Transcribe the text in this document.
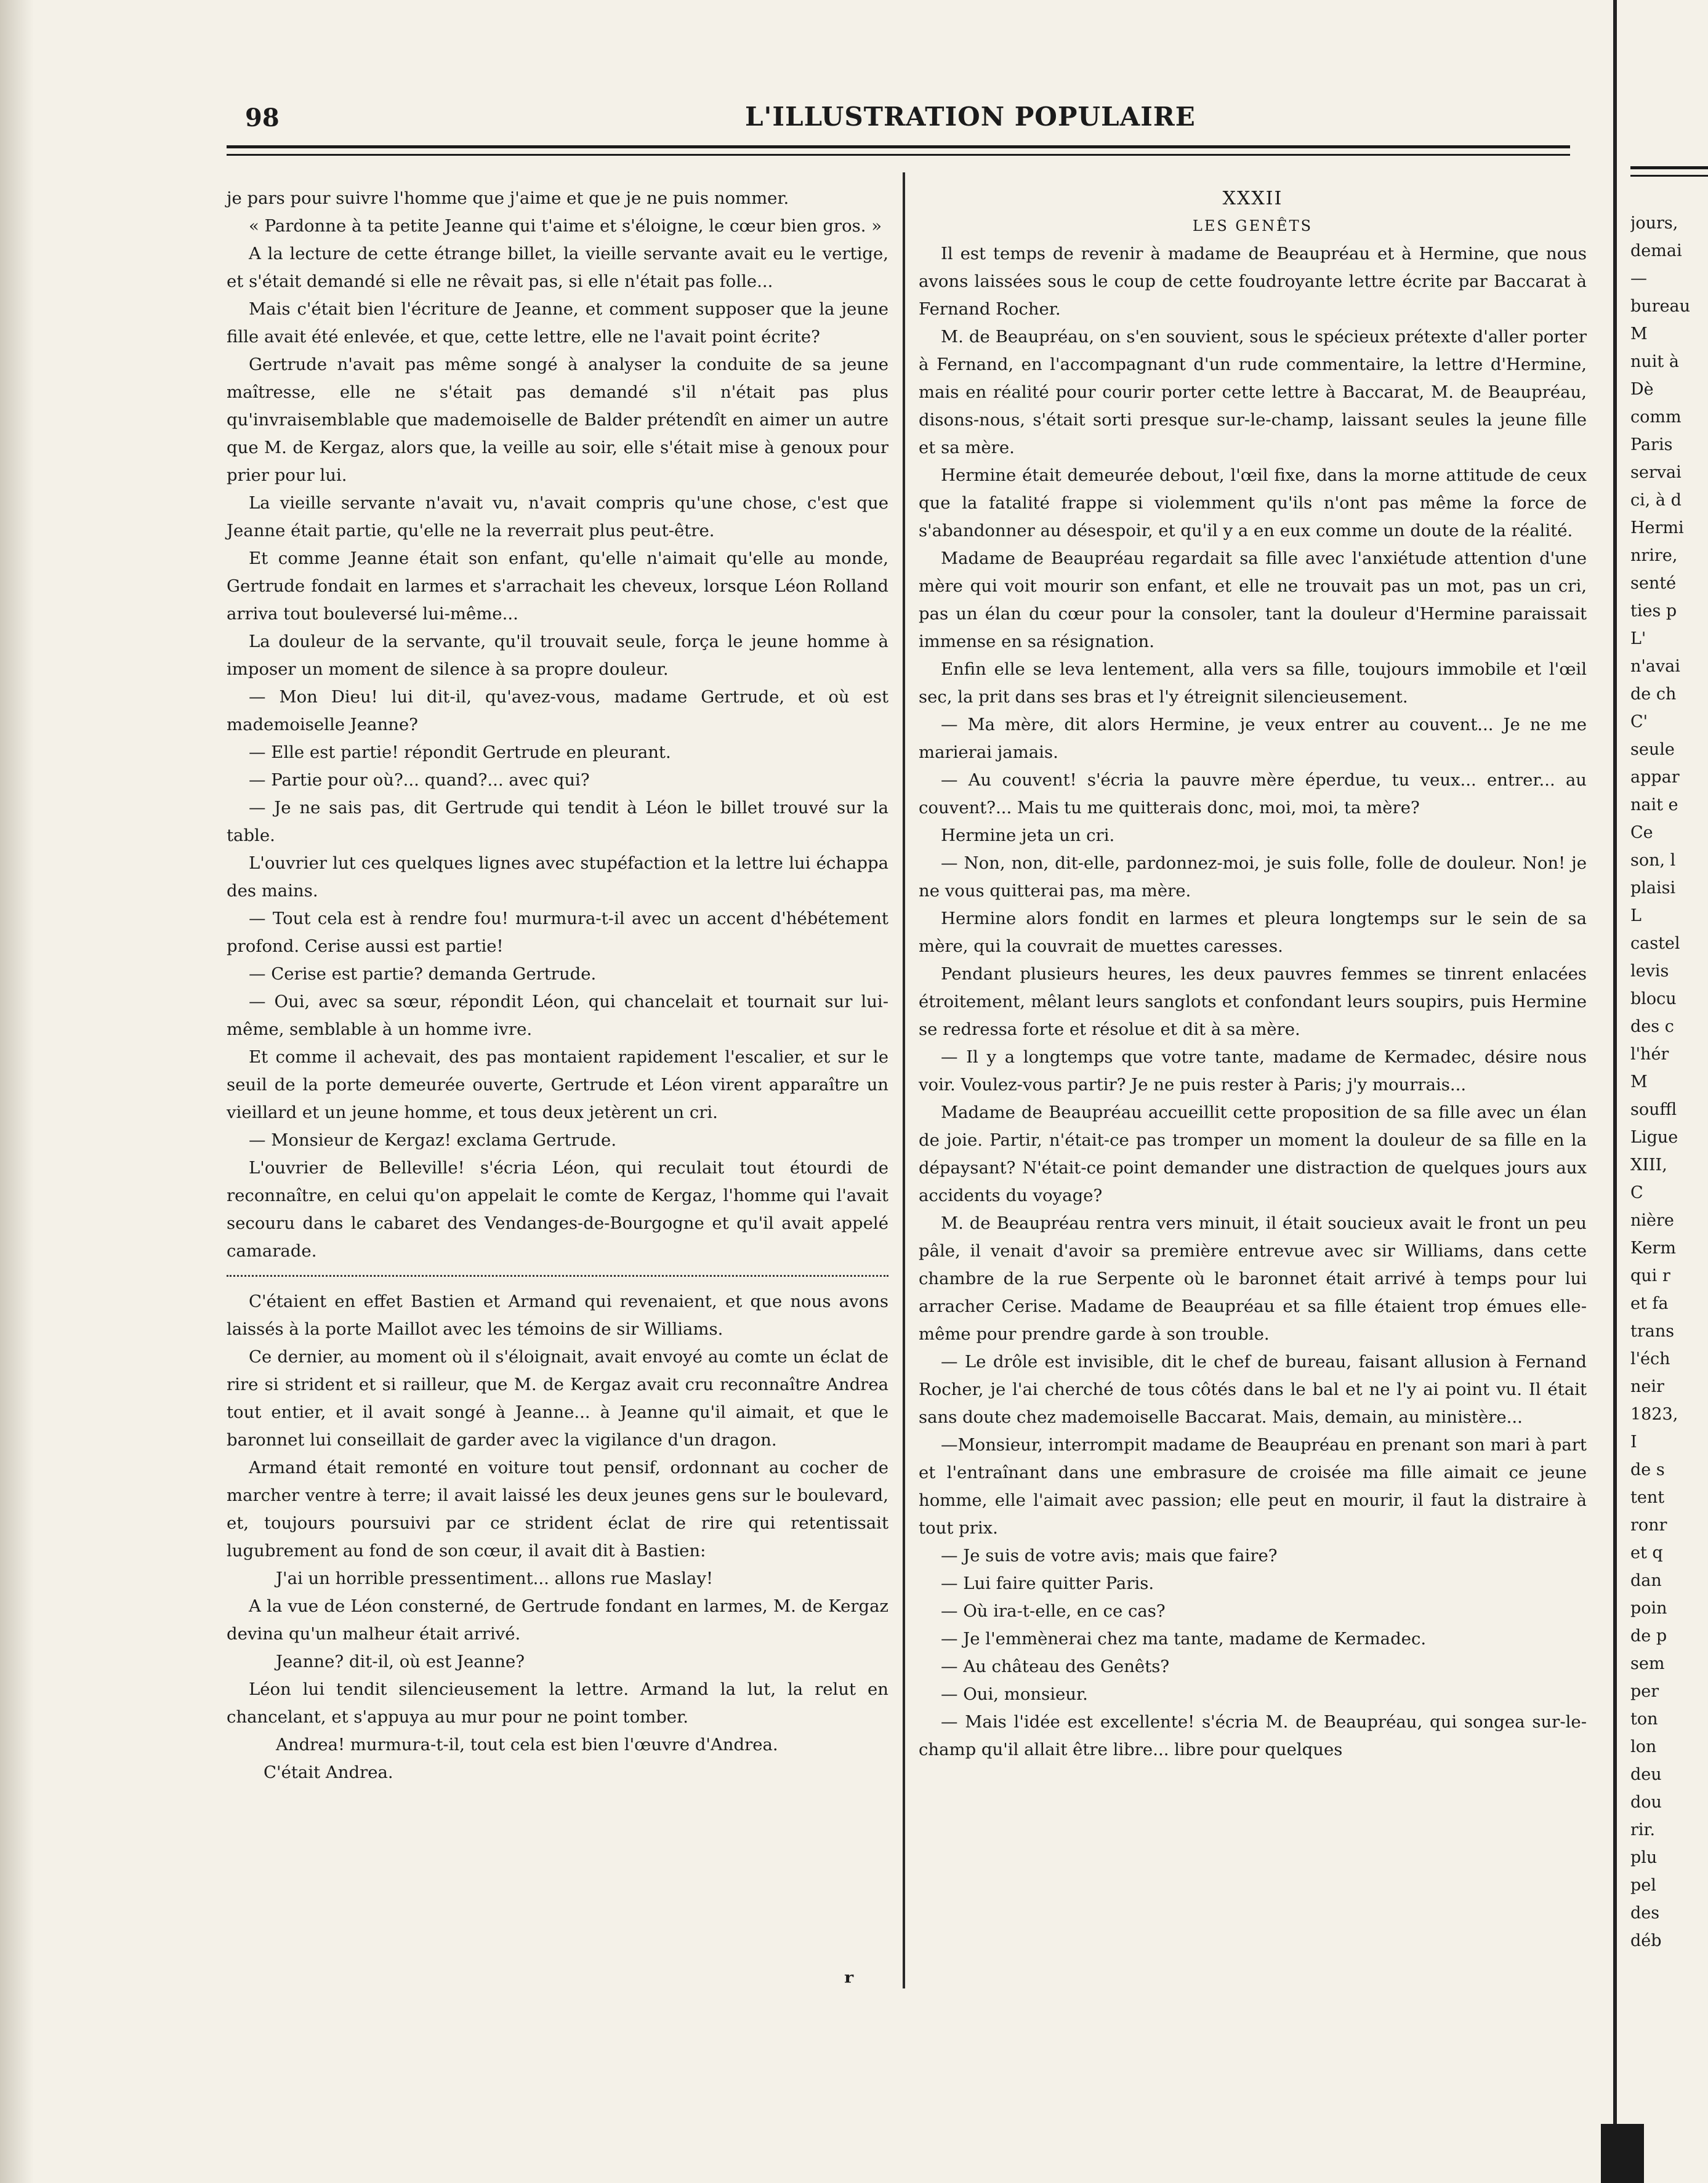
98	L'ILLUSTRATION POPULAIRE

je pars pour suivre l'homme que j'aime et que je ne puis nommer.

« Pardonne à ta petite Jeanne qui t'aime et s'éloigne, le cœur bien gros. »

A la lecture de cette étrange billet, la vieille servante avait eu le vertige, et s'était demandé si elle ne rêvait pas, si elle n'était pas folle...

Mais c'était bien l'écriture de Jeanne, et comment supposer que la jeune fille avait été enlevée, et que, cette lettre, elle ne l'avait point écrite?

Gertrude n'avait pas même songé à analyser la conduite de sa jeune maîtresse, elle ne s'était pas demandé s'il n'était pas plus qu'invraisemblable que mademoiselle de Balder prétendît en aimer un autre que M. de Kergaz, alors que, la veille au soir, elle s'était mise à genoux pour prier pour lui.

La vieille servante n'avait vu, n'avait compris qu'une chose, c'est que Jeanne était partie, qu'elle ne la reverrait plus peut-être.

Et comme Jeanne était son enfant, qu'elle n'aimait qu'elle au monde, Gertrude fondait en larmes et s'arrachait les cheveux, lorsque Léon Rolland arriva tout bouleversé lui-même...

La douleur de la servante, qu'il trouvait seule, força le jeune homme à imposer un moment de silence à sa propre douleur.

— Mon Dieu! lui dit-il, qu'avez-vous, madame Gertrude, et où est mademoiselle Jeanne?

— Elle est partie! répondit Gertrude en pleurant.

— Partie pour où?... quand?... avec qui?

— Je ne sais pas, dit Gertrude qui tendit à Léon le billet trouvé sur la table.

L'ouvrier lut ces quelques lignes avec stupéfaction et la lettre lui échappa des mains.

— Tout cela est à rendre fou! murmura-t-il avec un accent d'hébétement profond. Cerise aussi est partie!

— Cerise est partie? demanda Gertrude.

— Oui, avec sa sœur, répondit Léon, qui chancelait et tournait sur lui-même, semblable à un homme ivre.

Et comme il achevait, des pas montaient rapidement l'escalier, et sur le seuil de la porte demeurée ouverte, Gertrude et Léon virent apparaître un vieillard et un jeune homme, et tous deux jetèrent un cri.

— Monsieur de Kergaz! exclama Gertrude.

L'ouvrier de Belleville! s'écria Léon, qui reculait tout étourdi de reconnaître, en celui qu'on appelait le comte de Kergaz, l'homme qui l'avait secouru dans le cabaret des Vendanges-de-Bourgogne et qu'il avait appelé camarade.

C'étaient en effet Bastien et Armand qui revenaient, et que nous avons laissés à la porte Maillot avec les témoins de sir Williams.

Ce dernier, au moment où il s'éloignait, avait envoyé au comte un éclat de rire si strident et si railleur, que M. de Kergaz avait cru reconnaître Andrea tout entier, et il avait songé à Jeanne... à Jeanne qu'il aimait, et que le baronnet lui conseillait de garder avec la vigilance d'un dragon.

Armand était remonté en voiture tout pensif, ordonnant au cocher de marcher ventre à terre; il avait laissé les deux jeunes gens sur le boulevard, et, toujours poursuivi par ce strident éclat de rire qui retentissait lugubrement au fond de son cœur, il avait dit à Bastien:

J'ai un horrible pressentiment... allons rue Maslay!

A la vue de Léon consterné, de Gertrude fondant en larmes, M. de Kergaz devina qu'un malheur était arrivé.

Jeanne? dit-il, où est Jeanne?

Léon lui tendit silencieusement la lettre. Armand la lut, la relut en chancelant, et s'appuya au mur pour ne point tomber.

Andrea! murmura-t-il, tout cela est bien l'œuvre d'Andrea.

C'était Andrea.

XXXII

LES GENÊTS

Il est temps de revenir à madame de Beaupréau et à Hermine, que nous avons laissées sous le coup de cette foudroyante lettre écrite par Baccarat à Fernand Rocher.

M. de Beaupréau, on s'en souvient, sous le spécieux prétexte d'aller porter à Fernand, en l'accompagnant d'un rude commentaire, la lettre d'Hermine, mais en réalité pour courir porter cette lettre à Baccarat, M. de Beaupréau, disons-nous, s'était sorti presque sur-le-champ, laissant seules la jeune fille et sa mère.

Hermine était demeurée debout, l'œil fixe, dans la morne attitude de ceux que la fatalité frappe si violemment qu'ils n'ont pas même la force de s'abandonner au désespoir, et qu'il y a en eux comme un doute de la réalité.

Madame de Beaupréau regardait sa fille avec l'anxiétude attention d'une mère qui voit mourir son enfant, et elle ne trouvait pas un mot, pas un cri, pas un élan du cœur pour la consoler, tant la douleur d'Hermine paraissait immense en sa résignation.

Enfin elle se leva lentement, alla vers sa fille, toujours immobile et l'œil sec, la prit dans ses bras et l'y étreignit silencieusement.

— Ma mère, dit alors Hermine, je veux entrer au couvent... Je ne me marierai jamais.

— Au couvent! s'écria la pauvre mère éperdue, tu veux... entrer... au couvent?... Mais tu me quitterais donc, moi, moi, ta mère?

Hermine jeta un cri.

— Non, non, dit-elle, pardonnez-moi, je suis folle, folle de douleur. Non! je ne vous quitterai pas, ma mère.

Hermine alors fondit en larmes et pleura longtemps sur le sein de sa mère, qui la couvrait de muettes caresses.

Pendant plusieurs heures, les deux pauvres femmes se tinrent enlacées étroitement, mêlant leurs sanglots et confondant leurs soupirs, puis Hermine se redressa forte et résolue et dit à sa mère.

— Il y a longtemps que votre tante, madame de Kermadec, désire nous voir. Voulez-vous partir? Je ne puis rester à Paris; j'y mourrais...

Madame de Beaupréau accueillit cette proposition de sa fille avec un élan de joie. Partir, n'était-ce pas tromper un moment la douleur de sa fille en la dépaysant? N'était-ce point demander une distraction de quelques jours aux accidents du voyage?

M. de Beaupréau rentra vers minuit, il était soucieux avait le front un peu pâle, il venait d'avoir sa première entrevue avec sir Williams, dans cette chambre de la rue Serpente où le baronnet était arrivé à temps pour lui arracher Cerise. Madame de Beaupréau et sa fille étaient trop émues elle-même pour prendre garde à son trouble.

— Le drôle est invisible, dit le chef de bureau, faisant allusion à Fernand Rocher, je l'ai cherché de tous côtés dans le bal et ne l'y ai point vu. Il était sans doute chez mademoiselle Baccarat. Mais, demain, au ministère...

—Monsieur, interrompit madame de Beaupréau en prenant son mari à part et l'entraînant dans une embrasure de croisée ma fille aimait ce jeune homme, elle l'aimait avec passion; elle peut en mourir, il faut la distraire à tout prix.

— Je suis de votre avis; mais que faire?

— Lui faire quitter Paris.

— Où ira-t-elle, en ce cas?

— Je l'emmènerai chez ma tante, madame de Kermadec.

— Au château des Genêts?

— Oui, monsieur.

— Mais l'idée est excellente! s'écria M. de Beaupréau, qui songea sur-le-champ qu'il allait être libre... libre pour quelques

jours,
demai
—
bureau
M
nuit à
Dè
comm
Paris
servai
ci, à d
Hermi
nrire,
senté
ties p
L'
n'avai
de ch
C'
seule
appar
nait e
Ce
son, l
plaisi
L
castel
levis
blocu
des c
l'hér
M
souffl
Ligue
XIII,
C
nière
Kerm
qui r
et fa
trans
l'éch
neir
1823,
I
de s
tent
ronr
et q
dan
poin
de p
sem
per
ton
lon
deu
dou
rir.
plu
pel
des
déb
ʳ
